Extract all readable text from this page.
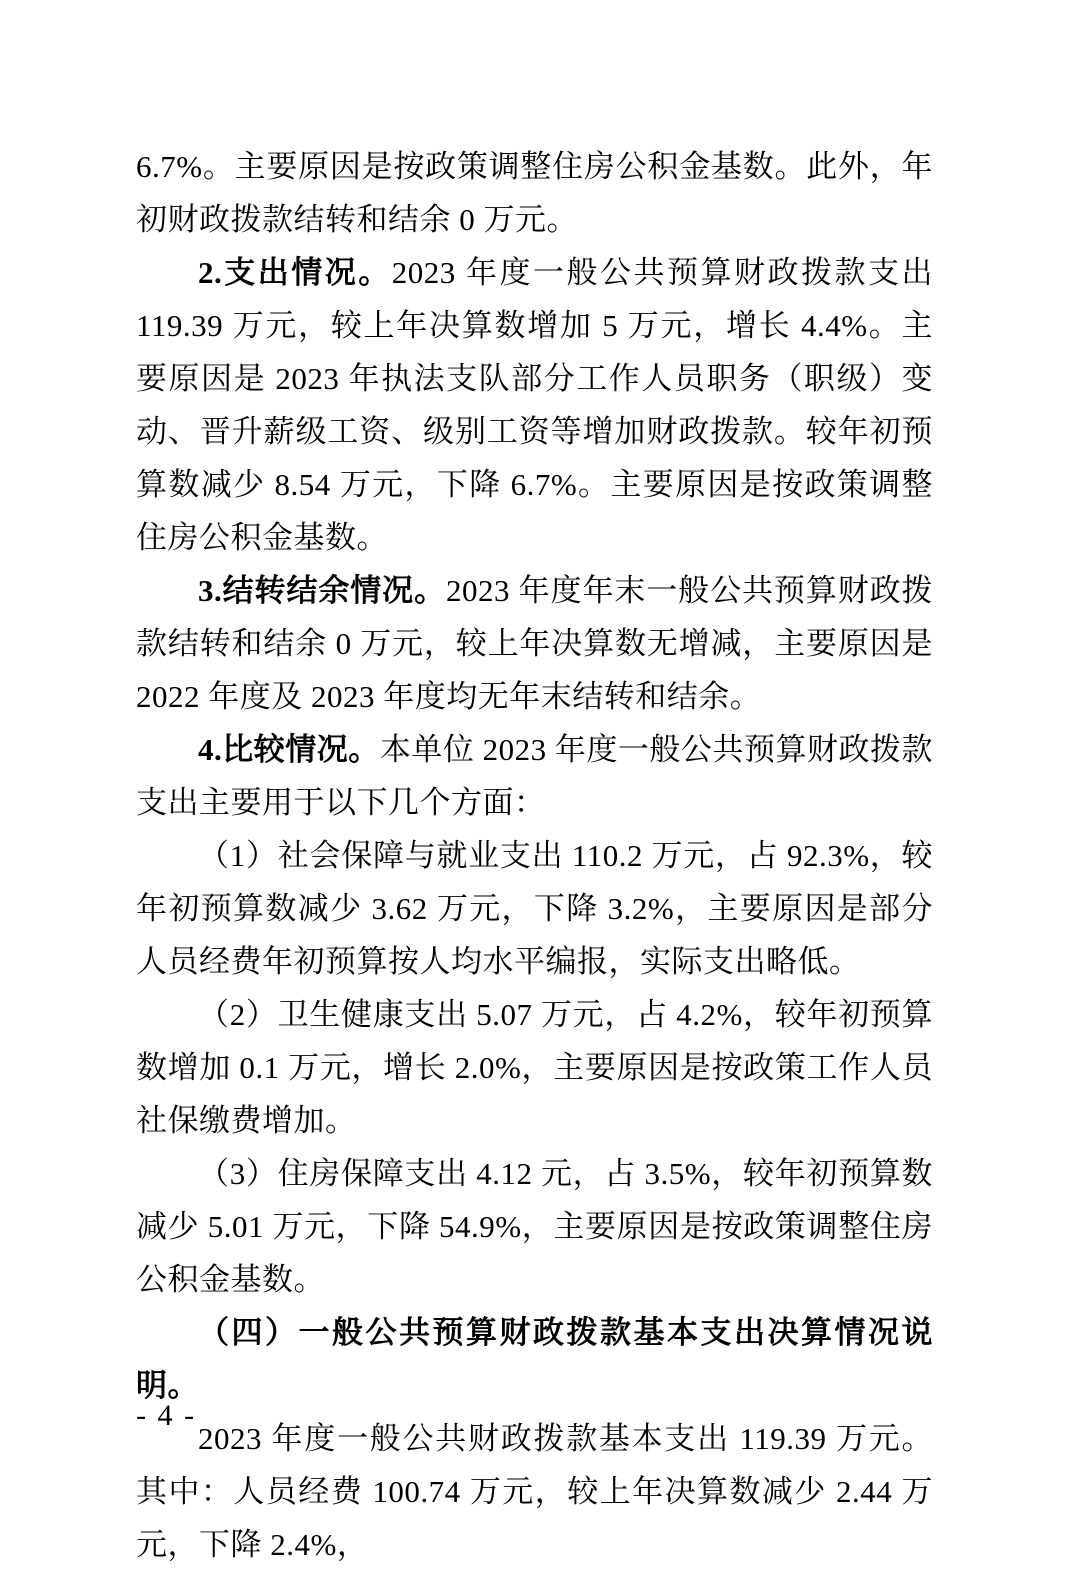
6.7%。主要原因是按政策调整住房公积金基数。此外，年初财政拨款结转和结余 0 万元。

2.支出情况。2023 年度一般公共预算财政拨款支出 119.39 万元，较上年决算数增加 5 万元，增长 4.4%。主要原因是 2023 年执法支队部分工作人员职务（职级）变动、晋升薪级工资、级别工资等增加财政拨款。较年初预算数减少 8.54 万元，下降 6.7%。主要原因是按政策调整住房公积金基数。

3.结转结余情况。2023 年度年末一般公共预算财政拨款结转和结余 0 万元，较上年决算数无增减，主要原因是 2022 年度及 2023 年度均无年末结转和结余。

4.比较情况。本单位 2023 年度一般公共预算财政拨款支出主要用于以下几个方面：

（1）社会保障与就业支出 110.2 万元，占 92.3%，较年初预算数减少 3.62 万元，下降 3.2%，主要原因是部分人员经费年初预算按人均水平编报，实际支出略低。

（2）卫生健康支出 5.07 万元，占 4.2%，较年初预算数增加 0.1 万元，增长 2.0%，主要原因是按政策工作人员社保缴费增加。

（3）住房保障支出 4.12 元，占 3.5%，较年初预算数减少 5.01 万元，下降 54.9%，主要原因是按政策调整住房公积金基数。

（四）一般公共预算财政拨款基本支出决算情况说明。

2023 年度一般公共财政拨款基本支出 119.39 万元。其中：人员经费 100.74 万元，较上年决算数减少 2.44 万元，下降 2.4%，

- 4 -
